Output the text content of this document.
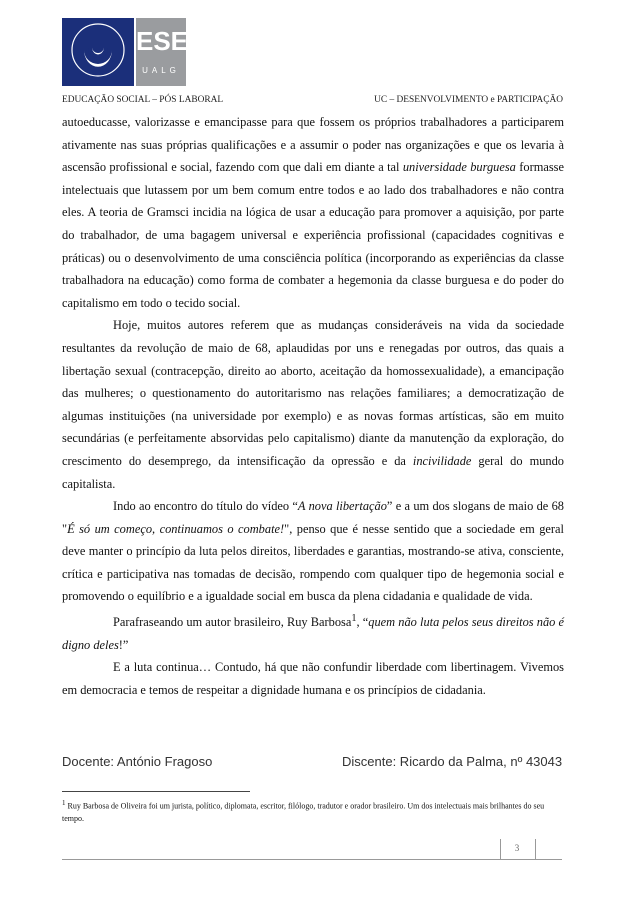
ESE
UALG
EDUCAÇÃO SOCIAL – PÓS LABORAL	UC – DESENVOLVIMENTO e PARTICIPAÇÃO

autoeducasse, valorizasse e emancipasse para que fossem os próprios trabalhadores a participarem ativamente nas suas próprias qualificações e a assumir o poder nas organizações e que os levaria à ascensão profissional e social, fazendo com que dali em diante a tal universidade burguesa formasse intelectuais que lutassem por um bem comum entre todos e ao lado dos trabalhadores e não contra eles. A teoria de Gramsci incidia na lógica de usar a educação para promover a aquisição, por parte do trabalhador, de uma bagagem universal e experiência profissional (capacidades cognitivas e práticas) ou o desenvolvimento de uma consciência política (incorporando as experiências da classe trabalhadora na educação) como forma de combater a hegemonia da classe burguesa e do poder do capitalismo em todo o tecido social.

Hoje, muitos autores referem que as mudanças consideráveis na vida da sociedade resultantes da revolução de maio de 68, aplaudidas por uns e renegadas por outros, das quais a libertação sexual (contracepção, direito ao aborto, aceitação da homossexualidade), a emancipação das mulheres; o questionamento do autoritarismo nas relações familiares; a democratização de algumas instituições (na universidade por exemplo) e as novas formas artísticas, são em muito secundárias (e perfeitamente absorvidas pelo capitalismo) diante da manutenção da exploração, do crescimento do desemprego, da intensificação da opressão e da incivilidade geral do mundo capitalista.

Indo ao encontro do título do vídeo “A nova libertação” e a um dos slogans de maio de 68 "É só um começo, continuamos o combate!", penso que é nesse sentido que a sociedade em geral deve manter o princípio da luta pelos direitos, liberdades e garantias, mostrando-se ativa, consciente, crítica e participativa nas tomadas de decisão, rompendo com qualquer tipo de hegemonia social e promovendo o equilíbrio e a igualdade social em busca da plena cidadania e qualidade de vida.

Parafraseando um autor brasileiro, Ruy Barbosa$^1$, “quem não luta pelos seus direitos não é digno deles!”

E a luta continua… Contudo, há que não confundir liberdade com libertinagem. Vivemos em democracia e temos de respeitar a dignidade humana e os princípios de cidadania.

Docente: António Fragoso	Discente: Ricardo da Palma, nº 43043

$^1$ Ruy Barbosa de Oliveira foi um jurista, político, diplomata, escritor, filólogo, tradutor e orador brasileiro. Um dos intelectuais mais brilhantes do seu tempo.

3
